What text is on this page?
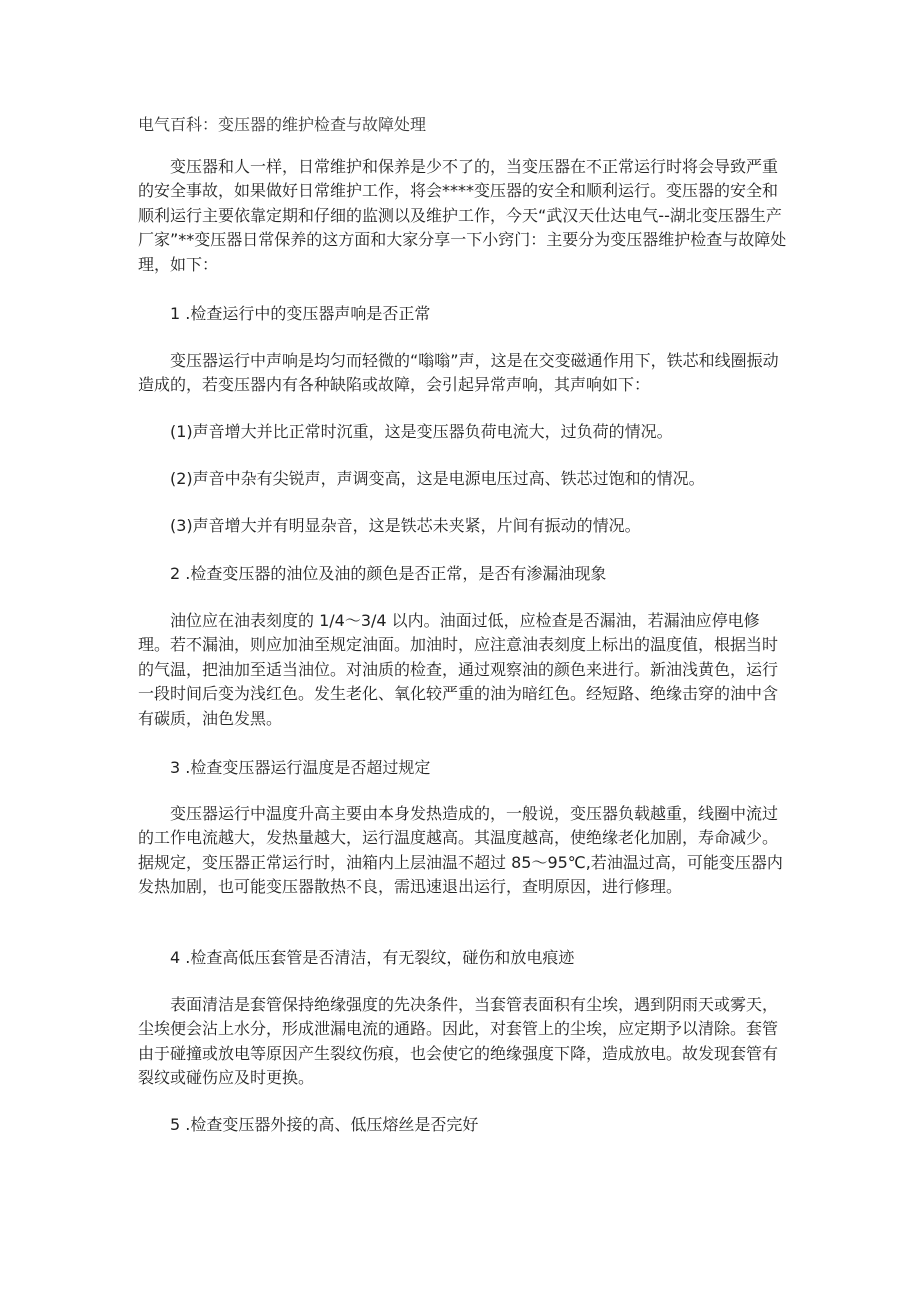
电气百科：变压器的维护检查与故障处理

变压器和人一样，日常维护和保养是少不了的，当变压器在不正常运行时将会导致严重的安全事故，如果做好日常维护工作，将会****变压器的安全和顺利运行。变压器的安全和顺利运行主要依靠定期和仔细的监测以及维护工作，今天“武汉天仕达电气--湖北变压器生产厂家”**变压器日常保养的这方面和大家分享一下小窍门：主要分为变压器维护检查与故障处理，如下：

1 .检查运行中的变压器声响是否正常

变压器运行中声响是均匀而轻微的“嗡嗡”声，这是在交变磁通作用下，铁芯和线圈振动造成的，若变压器内有各种缺陷或故障，会引起异常声响，其声响如下：

(1)声音增大并比正常时沉重，这是变压器负荷电流大，过负荷的情况。

(2)声音中杂有尖锐声，声调变高，这是电源电压过高、铁芯过饱和的情况。

(3)声音增大并有明显杂音，这是铁芯未夹紧，片间有振动的情况。

2 .检查变压器的油位及油的颜色是否正常，是否有渗漏油现象

油位应在油表刻度的 1/4～3/4 以内。油面过低，应检查是否漏油，若漏油应停电修理。若不漏油，则应加油至规定油面。加油时，应注意油表刻度上标出的温度值，根据当时的气温，把油加至适当油位。对油质的检查，通过观察油的颜色来进行。新油浅黄色，运行一段时间后变为浅红色。发生老化、氧化较严重的油为暗红色。经短路、绝缘击穿的油中含有碳质，油色发黑。

3 .检查变压器运行温度是否超过规定

变压器运行中温度升高主要由本身发热造成的，一般说，变压器负载越重，线圈中流过的工作电流越大，发热量越大，运行温度越高。其温度越高，使绝缘老化加剧，寿命减少。据规定，变压器正常运行时，油箱内上层油温不超过 85～95℃,若油温过高，可能变压器内发热加剧，也可能变压器散热不良，需迅速退出运行，查明原因，进行修理。

4 .检查高低压套管是否清洁，有无裂纹，碰伤和放电痕迹

表面清洁是套管保持绝缘强度的先决条件，当套管表面积有尘埃，遇到阴雨天或雾天，尘埃便会沾上水分，形成泄漏电流的通路。因此，对套管上的尘埃，应定期予以清除。套管由于碰撞或放电等原因产生裂纹伤痕，也会使它的绝缘强度下降，造成放电。故发现套管有裂纹或碰伤应及时更换。

5 .检查变压器外接的高、低压熔丝是否完好
